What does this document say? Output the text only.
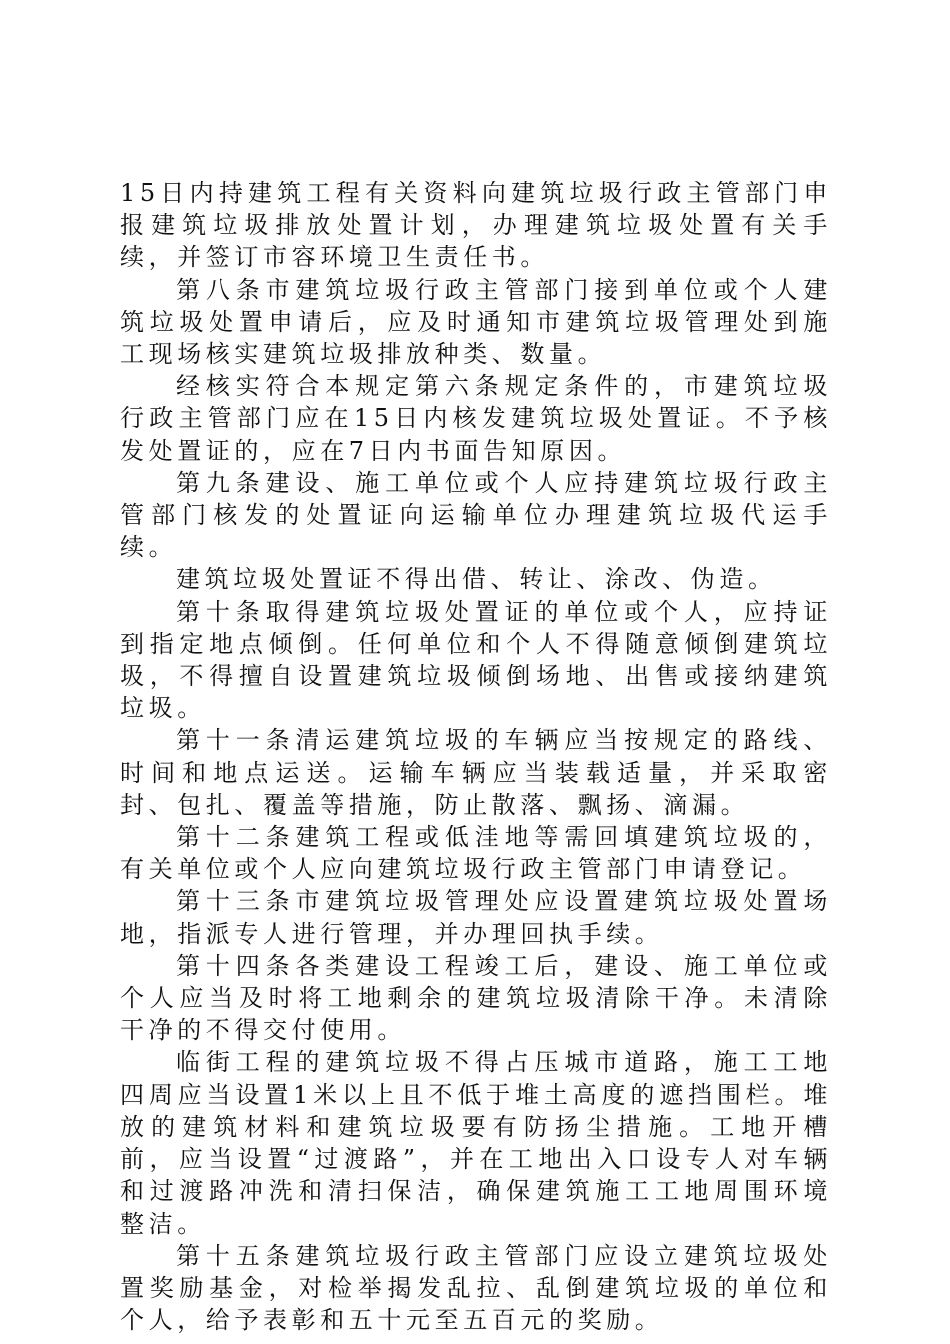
15日内持建筑工程有关资料向建筑垃圾行政主管部门申报建筑垃圾排放处置计划，办理建筑垃圾处置有关手续，并签订市容环境卫生责任书。

第八条市建筑垃圾行政主管部门接到单位或个人建筑垃圾处置申请后，应及时通知市建筑垃圾管理处到施工现场核实建筑垃圾排放种类、数量。

经核实符合本规定第六条规定条件的，市建筑垃圾行政主管部门应在15日内核发建筑垃圾处置证。不予核发处置证的，应在7日内书面告知原因。

第九条建设、施工单位或个人应持建筑垃圾行政主管部门核发的处置证向运输单位办理建筑垃圾代运手续。

建筑垃圾处置证不得出借、转让、涂改、伪造。

第十条取得建筑垃圾处置证的单位或个人，应持证到指定地点倾倒。任何单位和个人不得随意倾倒建筑垃圾，不得擅自设置建筑垃圾倾倒场地、出售或接纳建筑垃圾。

第十一条清运建筑垃圾的车辆应当按规定的路线、时间和地点运送。运输车辆应当装载适量，并采取密封、包扎、覆盖等措施，防止散落、飘扬、滴漏。

第十二条建筑工程或低洼地等需回填建筑垃圾的，有关单位或个人应向建筑垃圾行政主管部门申请登记。

第十三条市建筑垃圾管理处应设置建筑垃圾处置场地，指派专人进行管理，并办理回执手续。

第十四条各类建设工程竣工后，建设、施工单位或个人应当及时将工地剩余的建筑垃圾清除干净。未清除干净的不得交付使用。

临街工程的建筑垃圾不得占压城市道路，施工工地四周应当设置1米以上且不低于堆土高度的遮挡围栏。堆放的建筑材料和建筑垃圾要有防扬尘措施。工地开槽前，应当设置“过渡路”，并在工地出入口设专人对车辆和过渡路冲洗和清扫保洁，确保建筑施工工地周围环境整洁。

第十五条建筑垃圾行政主管部门应设立建筑垃圾处置奖励基金，对检举揭发乱拉、乱倒建筑垃圾的单位和个人，给予表彰和五十元至五百元的奖励。
